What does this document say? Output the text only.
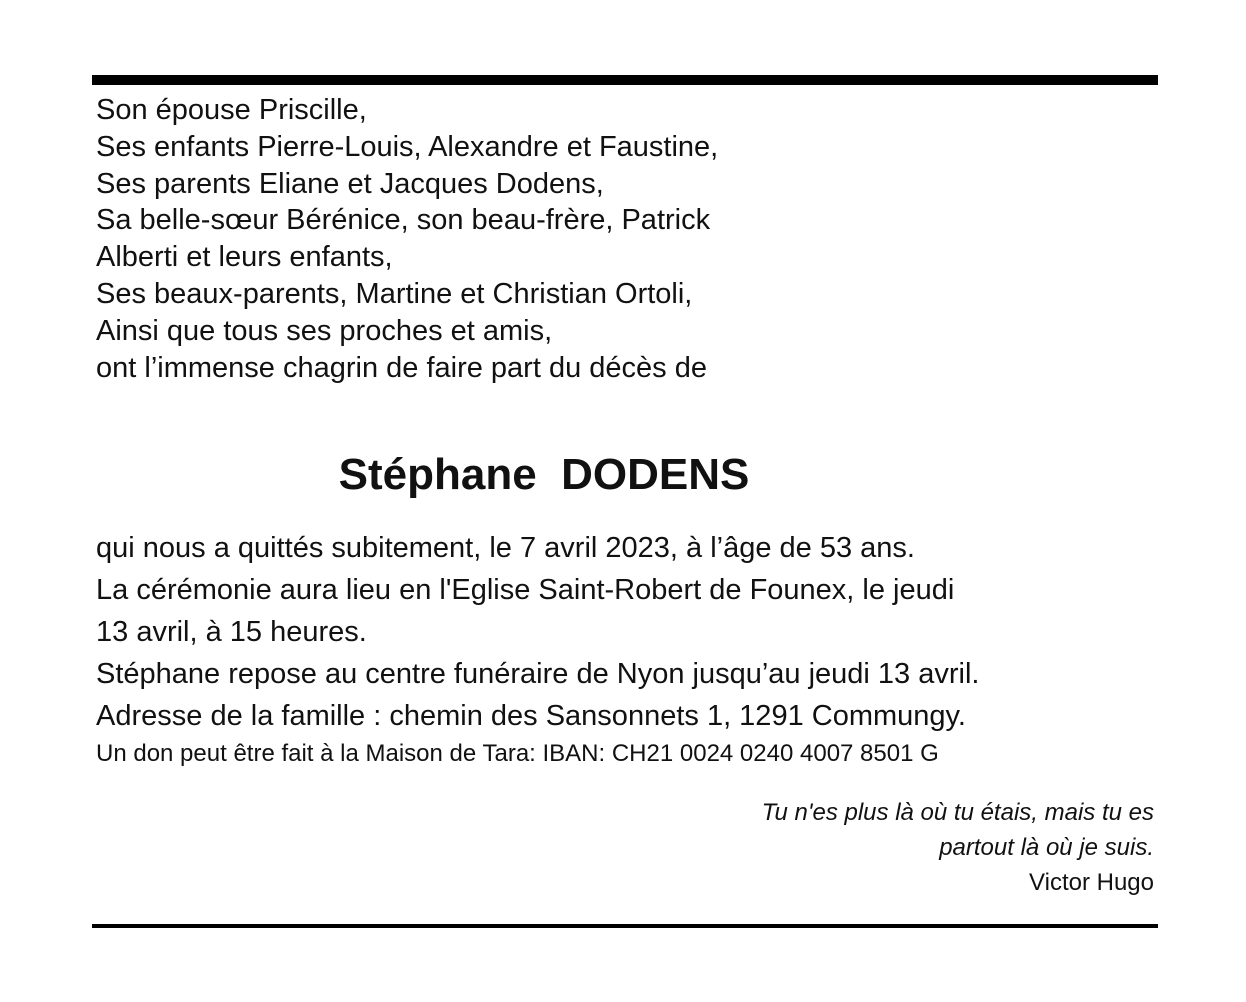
Son épouse Priscille,
Ses enfants Pierre-Louis, Alexandre et Faustine,
Ses parents Eliane et Jacques Dodens,
Sa belle-sœur Bérénice, son beau-frère, Patrick
Alberti et leurs enfants,
Ses beaux-parents, Martine et Christian Ortoli,
Ainsi que tous ses proches et amis,
ont l’immense chagrin de faire part du décès de
Stéphane  DODENS
qui nous a quittés subitement, le 7 avril 2023, à l’âge de 53 ans.
La cérémonie aura lieu en l'Eglise Saint-Robert de Founex, le jeudi
13 avril, à 15 heures.
Stéphane repose au centre funéraire de Nyon jusqu’au jeudi 13 avril.
Adresse de la famille : chemin des Sansonnets 1, 1291 Commungy.
Un don peut être fait à la Maison de Tara: IBAN: CH21 0024 0240 4007 8501 G
Tu n'es plus là où tu étais, mais tu es
partout là où je suis.
Victor Hugo
